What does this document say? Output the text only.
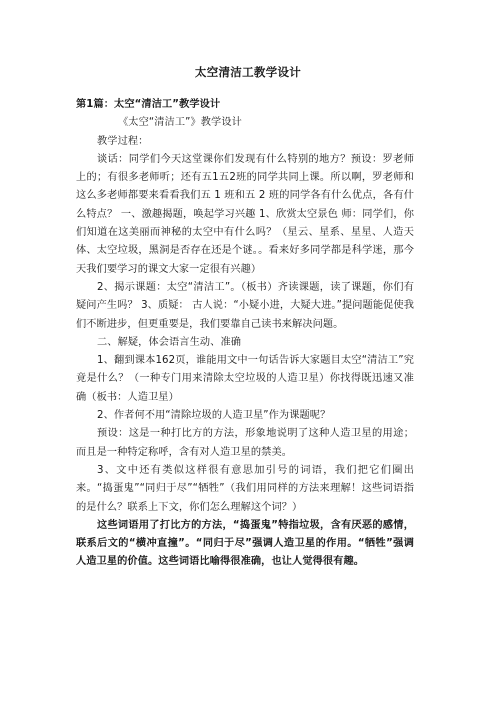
太空清洁工教学设计

第1篇：太空“清洁工”教学设计

《太空“清洁工”》教学设计

教学过程：

谈话：同学们今天这堂课你们发现有什么特别的地方？预设：罗老师上的；有很多老师听；还有五1五2班的同学共同上课。所以啊，罗老师和这么多老师都要来看看我们五 1 班和五 2 班的同学各有什么优点，各有什么特点？ 一、激趣揭题，唤起学习兴趣 1、欣赏太空景色 师：同学们，你们知道在这美丽而神秘的太空中有什么吗？（星云、星系、星星、人造天体、太空垃圾，黑洞是否存在还是个谜。。看来好多同学都是科学迷，那今天我们要学习的课文大家一定很有兴趣）

2、揭示课题：太空“清洁工”。（板书）齐读课题，读了课题，你们有疑问产生吗？ 3、质疑： 古人说：“小疑小进，大疑大进。”提问题能促使我们不断进步，但更重要是，我们要靠自己读书来解决问题。

二、解疑，体会语言生动、准确

1、翻到课本162页，谁能用文中一句话告诉大家题目太空“清洁工”究竟是什么？（一种专门用来清除太空垃圾的人造卫星）你找得既迅速又准确（板书：人造卫星）

2、作者何不用“清除垃圾的人造卫星”作为课题呢？

预设：这是一种打比方的方法，形象地说明了这种人造卫星的用途；而且是一种特定称呼，含有对人造卫星的禁美。

3、文中还有类似这样很有意思加引号的词语，我们把它们圈出来。“捣蛋鬼”“同归于尽”“牺牲”（我们用同样的方法来理解！这些词语指的是什么？联系上下文，你们怎么理解这个词？）

这些词语用了打比方的方法，“捣蛋鬼”特指垃圾，含有厌恶的感情，联系后文的“横冲直撞”。“同归于尽”强调人造卫星的作用。“牺牲”强调人造卫星的价值。这些词语比喻得很准确，也让人觉得很有趣。
